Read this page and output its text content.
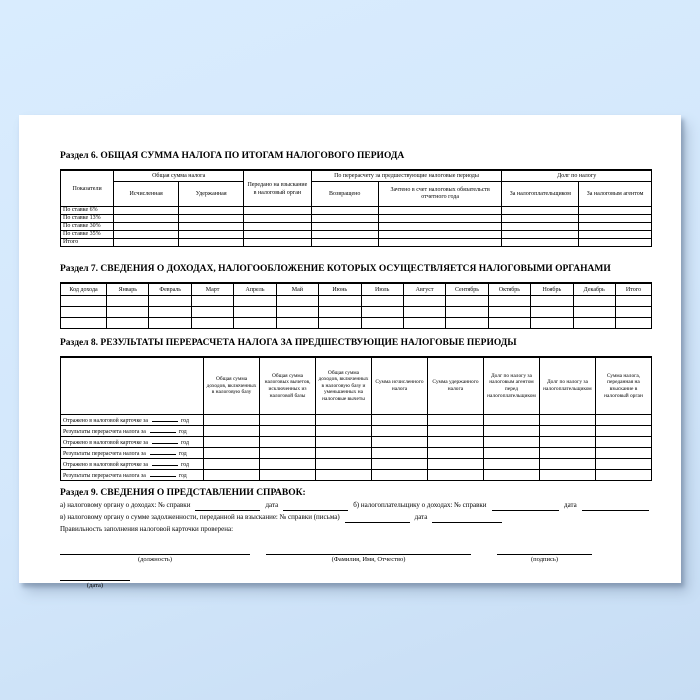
Раздел 6. ОБЩАЯ СУММА НАЛОГА ПО ИТОГАМ НАЛОГОВОГО ПЕРИОДА
Показатели	Общая сумма налога		Передано на взыскание в налоговый орган	По перерасчету за предшествующие налоговые периоды		Долг по налогу	
	Исчисленная	Удержанная		Возвращено	Зачтено в счет налоговых обязательств отчетного года	За налогоплательщиком	За налоговым агентом
По ставке 6%							
По ставке 13%							
По ставке 30%							
По ставке 35%							
Итого							
Раздел 7. СВЕДЕНИЯ О ДОХОДАХ, НАЛОГООБЛОЖЕНИЕ КОТОРЫХ ОСУЩЕСТВЛЯЕТСЯ НАЛОГОВЫМИ ОРГАНАМИ
Код дохода	Январь	Февраль	Март	Апрель	Май	Июнь	Июль	Август	Сентябрь	Октябрь	Ноябрь	Декабрь	Итого

Раздел 8. РЕЗУЛЬТАТЫ ПЕРЕРАСЧЕТА НАЛОГА ЗА ПРЕДШЕСТВУЮЩИЕ НАЛОГОВЫЕ ПЕРИОДЫ
	Общая сумма доходов, включенных в налоговую базу	Общая сумма налоговых вычетов, исключенных из налоговой базы	Общая сумма доходов, включенных в налоговую базу и уменьшенных на налоговые вычеты	Сумма исчисленного налога	Сумма удержанного налога	Долг по налогу за налоговым агентом перед налогоплательщиком	Долг по налогу за налогоплательщиком	Сумма налога, переданная на взыскание в налоговый орган
Отражено в налоговой карточке за год								
Результаты перерасчета налога за год								
Отражено в налоговой карточке за год								
Результаты перерасчета налога за год								
Отражено в налоговой карточке за год								
Результаты перерасчета налога за год								
Раздел 9. СВЕДЕНИЯ О ПРЕДСТАВЛЕНИИ СПРАВОК:
а) налоговому органу о доходах: № справки	дата	б) налогоплательщику о доходах: № справки	дата
в) налоговому органу о сумме задолженности, переданной на взыскание: № справки (письма)	дата
Правильность заполнения налоговой карточки проверена:
(должность)	(Фамилия, Имя, Отчество)	(подпись)
(дата)
